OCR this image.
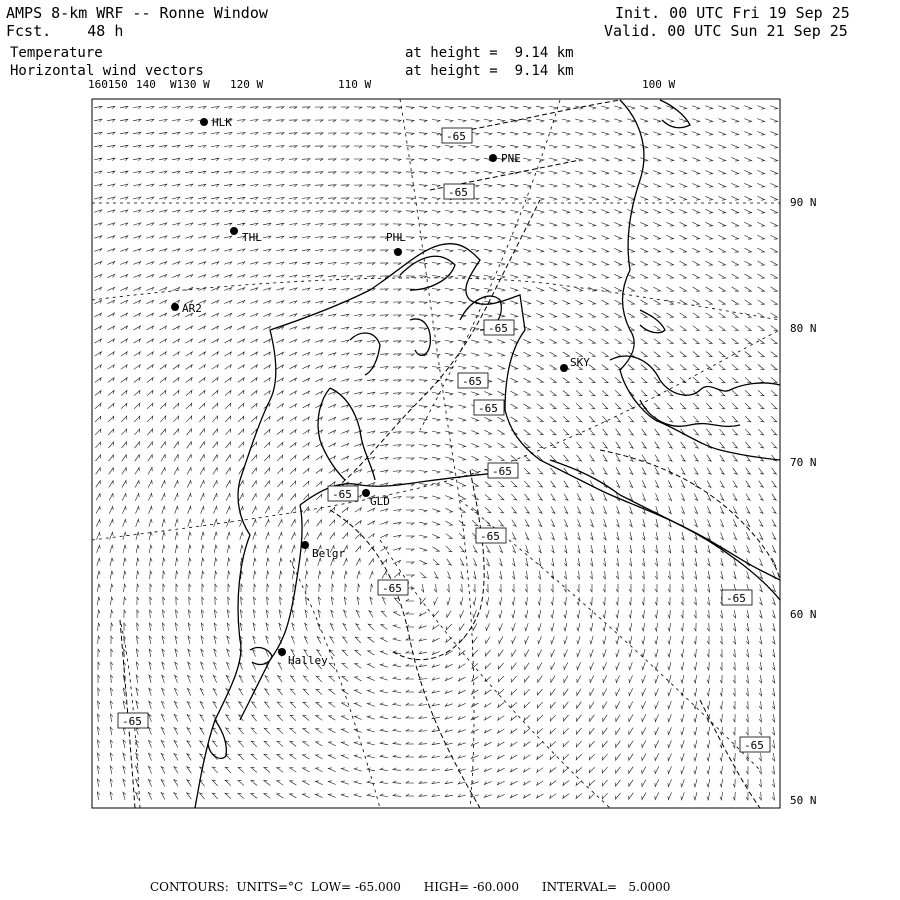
AMPS 8-km WRF -- Ronne Window
Fcst.    48 h
Temperature
Horizontal wind vectors
at height =  9.14 km
at height =  9.14 km
Init. 00 UTC Fri 19 Sep 25
Valid. 00 UTC Sun 21 Sep 25
160150 140 W130 W 120 W	110 W	100 W
90 N
80 N
70 N
60 N
50 N
HLK
PNE
THL	PHL
AR2
SKY
GLD
Belgr
Halley
-65
-65
-65
-65
-65
-65
-65
-65
-65
-65
-65
-65
CONTOURS:  UNITS=°C  LOW= -65.000      HIGH= -60.000      INTERVAL=   5.0000
